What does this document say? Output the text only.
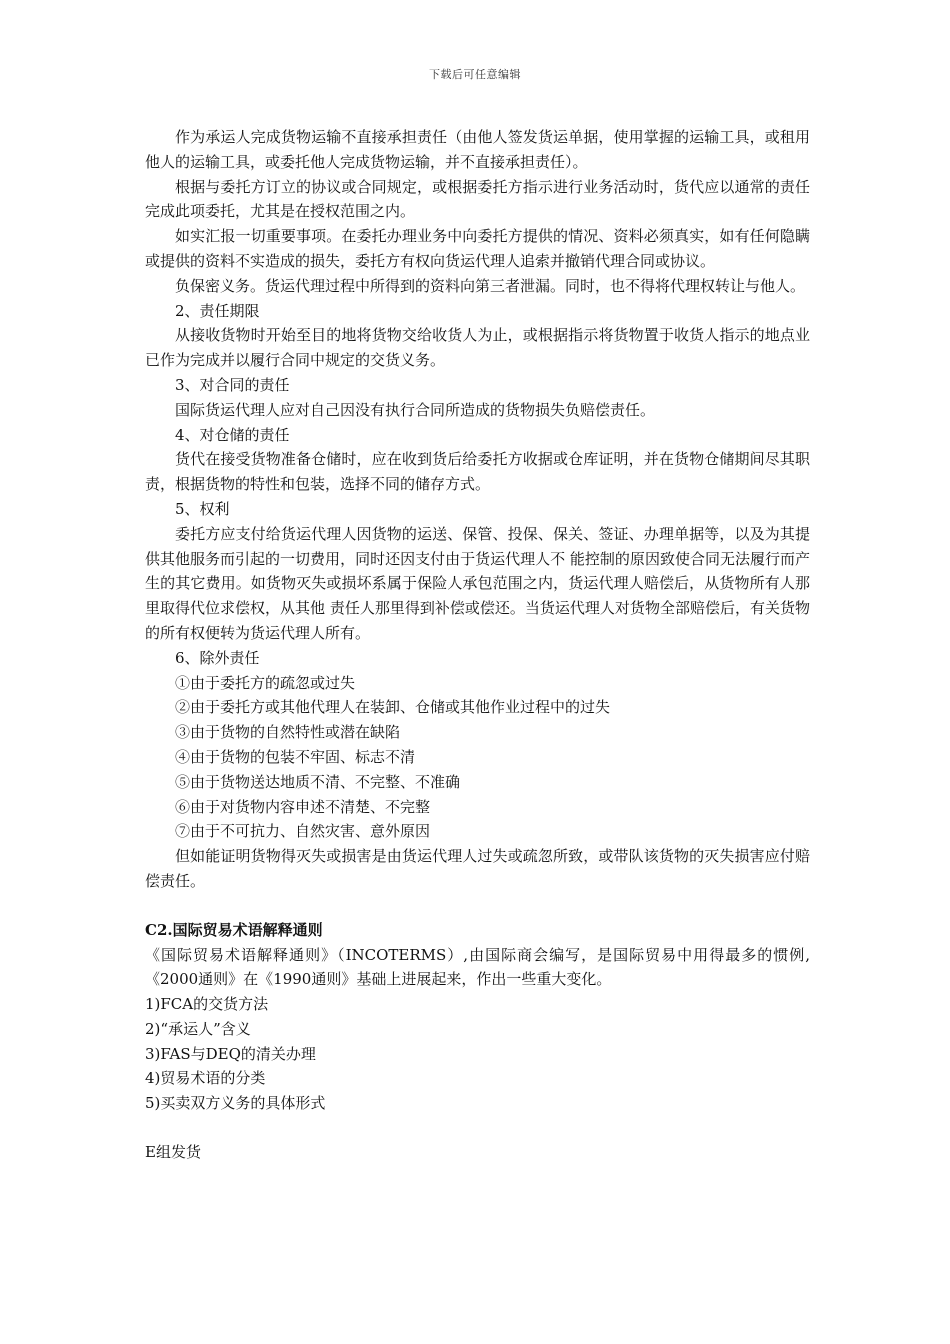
下载后可任意编辑

作为承运人完成货物运输不直接承担责任（由他人签发货运单据，使用掌握的运输工具，或租用他人的运输工具，或委托他人完成货物运输，并不直接承担责任）。

根据与委托方订立的协议或合同规定，或根据委托方指示进行业务活动时，货代应以通常的责任完成此项委托，尤其是在授权范围之内。

如实汇报一切重要事项。在委托办理业务中向委托方提供的情况、资料必须真实，如有任何隐瞒或提供的资料不实造成的损失，委托方有权向货运代理人追索并撤销代理合同或协议。

负保密义务。货运代理过程中所得到的资料向第三者泄漏。同时，也不得将代理权转让与他人。

2、责任期限

从接收货物时开始至目的地将货物交给收货人为止，或根据指示将货物置于收货人指示的地点业已作为完成并以履行合同中规定的交货义务。

3、对合同的责任

国际货运代理人应对自己因没有执行合同所造成的货物损失负赔偿责任。

4、对仓储的责任

货代在接受货物准备仓储时，应在收到货后给委托方收据或仓库证明，并在货物仓储期间尽其职责，根据货物的特性和包装，选择不同的储存方式。

5、权利

委托方应支付给货运代理人因货物的运送、保管、投保、保关、签证、办理单据等，以及为其提供其他服务而引起的一切费用，同时还因支付由于货运代理人不 能控制的原因致使合同无法履行而产生的其它费用。如货物灭失或损坏系属于保险人承包范围之内，货运代理人赔偿后，从货物所有人那里取得代位求偿权，从其他 责任人那里得到补偿或偿还。当货运代理人对货物全部赔偿后，有关货物的所有权便转为货运代理人所有。

6、除外责任

①由于委托方的疏忽或过失

②由于委托方或其他代理人在装卸、仓储或其他作业过程中的过失

③由于货物的自然特性或潜在缺陷

④由于货物的包装不牢固、标志不清

⑤由于货物送达地质不清、不完整、不准确

⑥由于对货物内容申述不清楚、不完整

⑦由于不可抗力、自然灾害、意外原因

但如能证明货物得灭失或损害是由货运代理人过失或疏忽所致，或带队该货物的灭失损害应付赔偿责任。

C2.国际贸易术语解释通则

《国际贸易术语解释通则》（INCOTERMS）,由国际商会编写，是国际贸易中用得最多的惯例,《2000通则》在《1990通则》基础上进展起来，作出一些重大变化。

1)FCA的交货方法

2)“承运人”含义

3)FAS与DEQ的清关办理

4)贸易术语的分类

5)买卖双方义务的具体形式

E组发货
